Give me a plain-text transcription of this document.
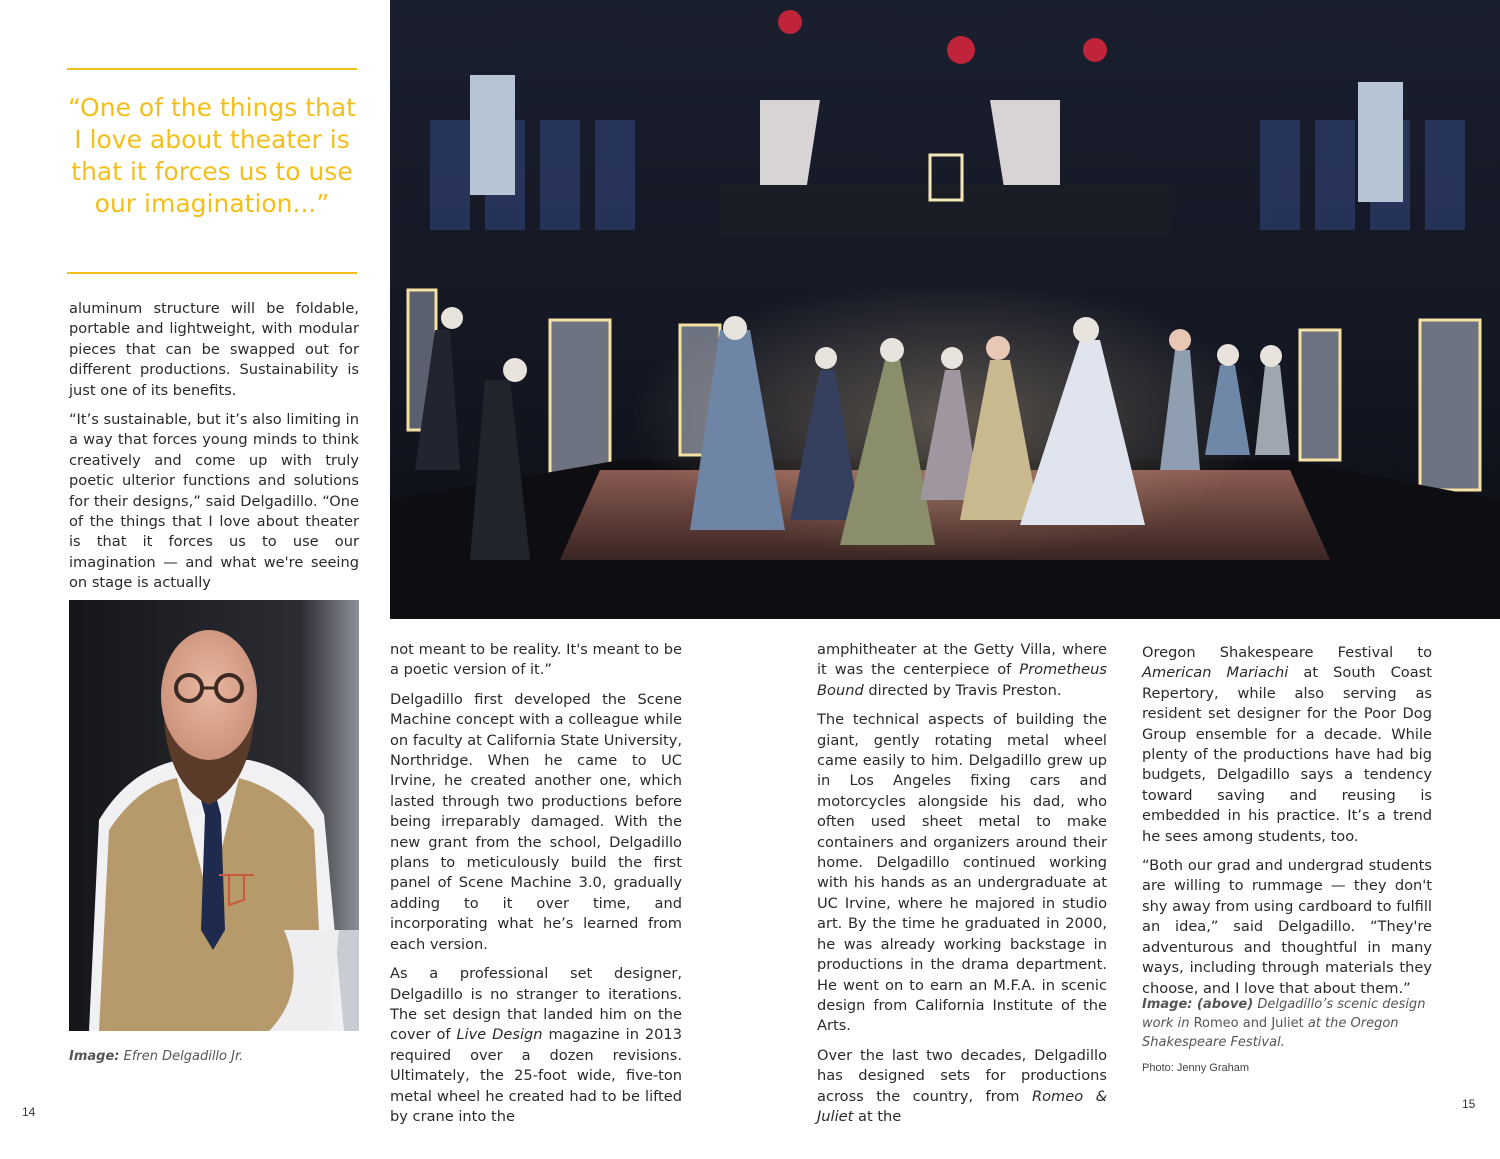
“One of the things that I love about theater is that it forces us to use our imagination...”

aluminum structure will be foldable, portable and lightweight, with modular pieces that can be swapped out for different productions. Sustainability is just one of its benefits.

“It’s sustainable, but it’s also limiting in a way that forces young minds to think creatively and come up with truly poetic ulterior functions and solutions for their designs,” said Delgadillo. “One of the things that I love about theater is that it forces us to use our imagination — and what we're seeing on stage is actually

Image: Efren Delgadillo Jr.

not meant to be reality. It's meant to be a poetic version of it.”

Delgadillo first developed the Scene Machine concept with a colleague while on faculty at California State University, Northridge. When he came to UC Irvine, he created another one, which lasted through two productions before being irreparably damaged. With the new grant from the school, Delgadillo plans to meticulously build the first panel of Scene Machine 3.0, gradually adding to it over time, and incorporating what he’s learned from each version.

As a professional set designer, Delgadillo is no stranger to iterations. The set design that landed him on the cover of Live Design magazine in 2013 required over a dozen revisions. Ultimately, the 25-foot wide, five-ton metal wheel he created had to be lifted by crane into the

amphitheater at the Getty Villa, where it was the centerpiece of Prometheus Bound directed by Travis Preston.

The technical aspects of building the giant, gently rotating metal wheel came easily to him. Delgadillo grew up in Los Angeles fixing cars and motorcycles alongside his dad, who often used sheet metal to make containers and organizers around their home. Delgadillo continued working with his hands as an undergraduate at UC Irvine, where he majored in studio art. By the time he graduated in 2000, he was already working backstage in productions in the drama department. He went on to earn an M.F.A. in scenic design from California Institute of the Arts.

Over the last two decades, Delgadillo has designed sets for productions across the country, from Romeo & Juliet at the

Oregon Shakespeare Festival to American Mariachi at South Coast Repertory, while also serving as resident set designer for the Poor Dog Group ensemble for a decade. While plenty of the productions have had big budgets, Delgadillo says a tendency toward saving and reusing is embedded in his practice. It’s a trend he sees among students, too.

“Both our grad and undergrad students are willing to rummage — they don't shy away from using cardboard to fulfill an idea,” said Delgadillo. “They're adventurous and thoughtful in many ways, including through materials they choose, and I love that about them.”

Image: (above) Delgadillo’s scenic design work in Romeo and Juliet at the Oregon Shakespeare Festival.
Photo: Jenny Graham
14
15
